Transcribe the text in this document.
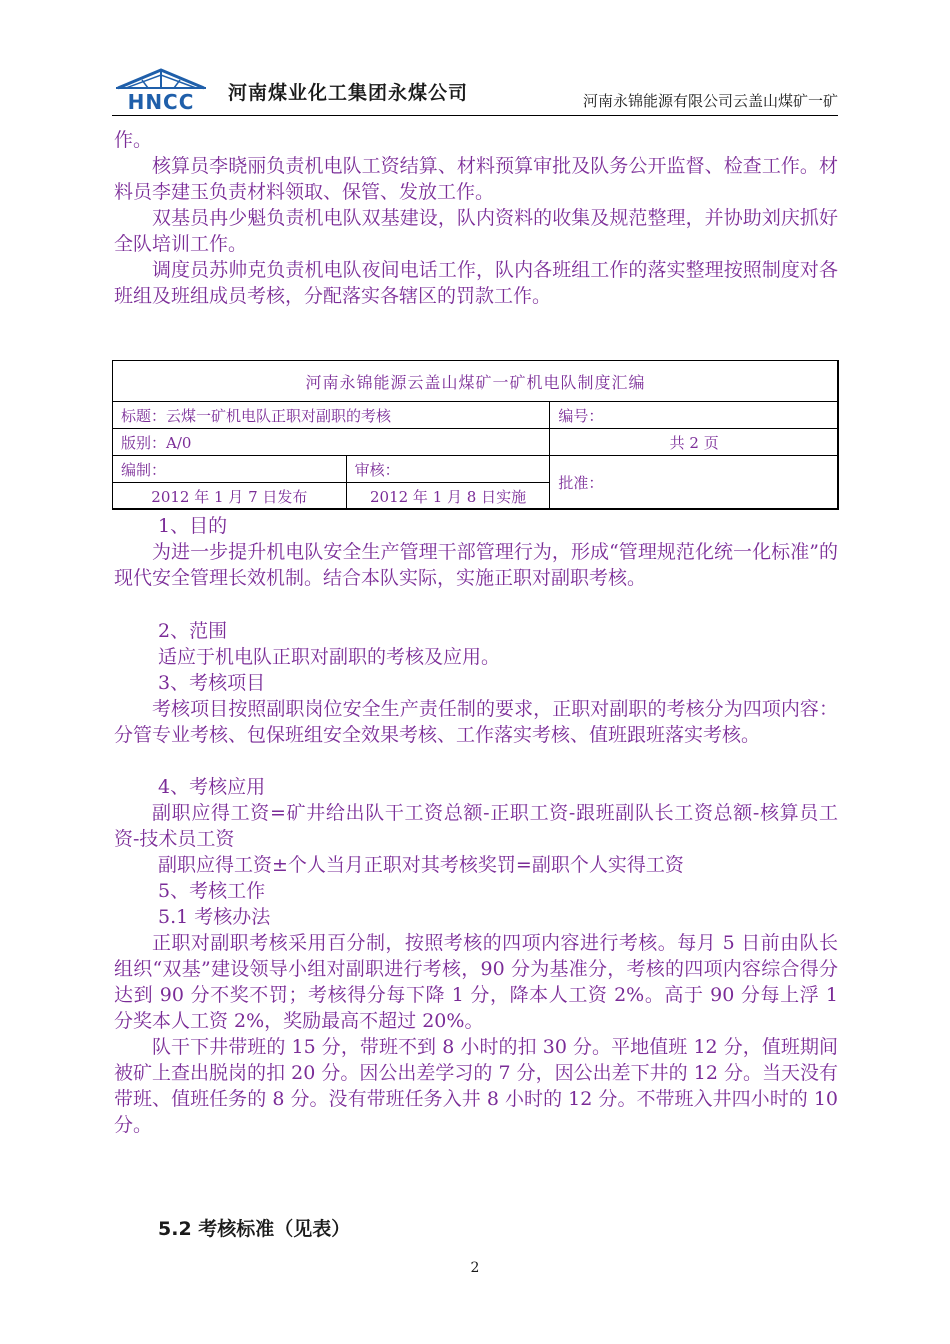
HNCC 河南煤业化工集团永煤公司	河南永锦能源有限公司云盖山煤矿一矿

作。

核算员李晓丽负责机电队工资结算、材料预算审批及队务公开监督、检查工作。材料员李建玉负责材料领取、保管、发放工作。

双基员冉少魁负责机电队双基建设，队内资料的收集及规范整理，并协助刘庆抓好全队培训工作。

调度员苏帅克负责机电队夜间电话工作，队内各班组工作的落实整理按照制度对各班组及班组成员考核，分配落实各辖区的罚款工作。

河南永锦能源云盖山煤矿一矿机电队制度汇编		
标题：云煤一矿机电队正职对副职的考核		编号：
版别：A/0		共 2 页
编制：	审核：	批准：
2012 年 1 月 7 日发布	2012 年 1 月 8 日实施	

1、目的

为进一步提升机电队安全生产管理干部管理行为，形成“管理规范化统一化标准”的现代安全管理长效机制。结合本队实际，实施正职对副职考核。

2、范围

适应于机电队正职对副职的考核及应用。

3、考核项目

考核项目按照副职岗位安全生产责任制的要求，正职对副职的考核分为四项内容：分管专业考核、包保班组安全效果考核、工作落实考核、值班跟班落实考核。

4、考核应用

副职应得工资=矿井给出队干工资总额-正职工资-跟班副队长工资总额-核算员工资-技术员工资

副职应得工资±个人当月正职对其考核奖罚=副职个人实得工资

5、考核工作

5.1 考核办法

正职对副职考核采用百分制，按照考核的四项内容进行考核。每月 5 日前由队长组织“双基”建设领导小组对副职进行考核，90 分为基准分，考核的四项内容综合得分达到 90 分不奖不罚；考核得分每下降 1 分，降本人工资 2%。高于 90 分每上浮 1 分奖本人工资 2%，奖励最高不超过 20%。

队干下井带班的 15 分，带班不到 8 小时的扣 30 分。平地值班 12 分，值班期间被矿上查出脱岗的扣 20 分。因公出差学习的 7 分，因公出差下井的 12 分。当天没有带班、值班任务的 8 分。没有带班任务入井 8 小时的 12 分。不带班入井四小时的 10 分。

5.2 考核标准（见表）
2
